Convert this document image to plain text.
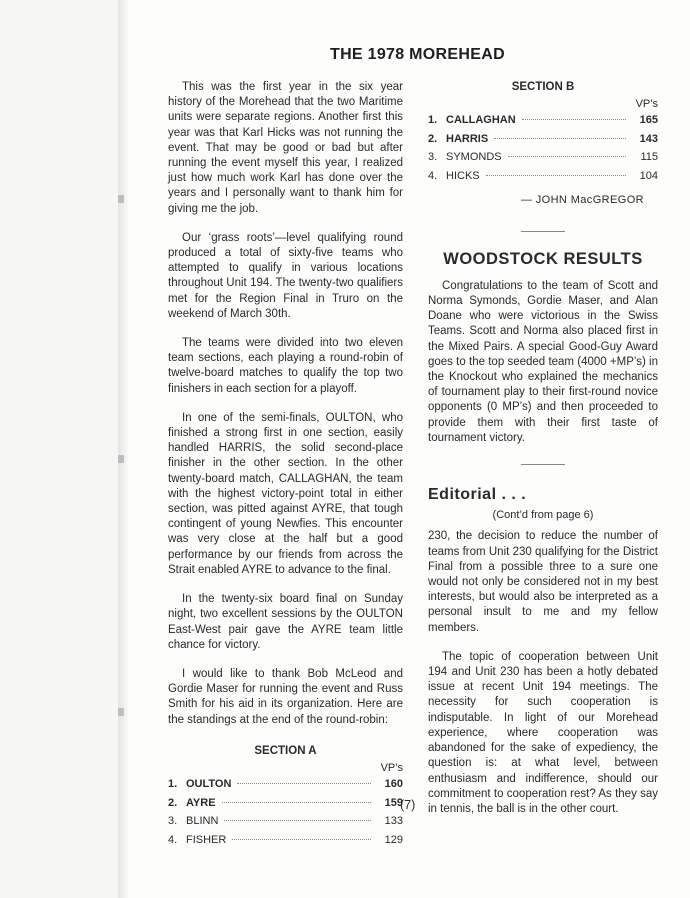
THE 1978 MOREHEAD

This was the first year in the six year history of the Morehead that the two Maritime units were separate regions. Another first this year was that Karl Hicks was not running the event. That may be good or bad but after running the event myself this year, I realized just how much work Karl has done over the years and I personally want to thank him for giving me the job.

Our ‘grass roots’—level qualifying round produced a total of sixty-five teams who attempted to qualify in various locations throughout Unit 194. The twenty-two qualifiers met for the Region Final in Truro on the weekend of March 30th.

The teams were divided into two eleven team sections, each playing a round-robin of twelve-board matches to qualify the top two finishers in each section for a playoff.

In one of the semi-finals, OULTON, who finished a strong first in one section, easily handled HARRIS, the solid second-place finisher in the other section. In the other twenty-board match, CALLAGHAN, the team with the highest victory-point total in either section, was pitted against AYRE, that tough contingent of young Newfies. This encounter was very close at the half but a good performance by our friends from across the Strait enabled AYRE to advance to the final.

In the twenty-six board final on Sunday night, two excellent sessions by the OULTON East-West pair gave the AYRE team little chance for victory.

I would like to thank Bob McLeod and Gordie Maser for running the event and Russ Smith for his aid in its organization. Here are the standings at the end of the round-robin:

SECTION A
VP’s
1. OULTON	160
2. AYRE	159
3. BLINN	133
4. FISHER	129
SECTION B
VP’s
1. CALLAGHAN	165
2. HARRIS	143
3. SYMONDS	115
4. HICKS	104
— JOHN MacGREGOR
WOODSTOCK RESULTS

Congratulations to the team of Scott and Norma Symonds, Gordie Maser, and Alan Doane who were victorious in the Swiss Teams. Scott and Norma also placed first in the Mixed Pairs. A special Good-Guy Award goes to the top seeded team (4000 +MP’s) in the Knockout who explained the mechanics of tournament play to their first-round novice opponents (0 MP’s) and then proceeded to provide them with their first taste of tournament victory.

Editorial . . .
(Cont’d from page 6)

230, the decision to reduce the number of teams from Unit 230 qualifying for the District Final from a possible three to a sure one would not only be considered not in my best interests, but would also be interpreted as a personal insult to me and my fellow members.

The topic of cooperation between Unit 194 and Unit 230 has been a hotly debated issue at recent Unit 194 meetings. The necessity for such cooperation is indisputable. In light of our Morehead experience, where cooperation was abandoned for the sake of expediency, the question is: at what level, between enthusiasm and indifference, should our commitment to cooperation rest? As they say in tennis, the ball is in the other court.

(7)
